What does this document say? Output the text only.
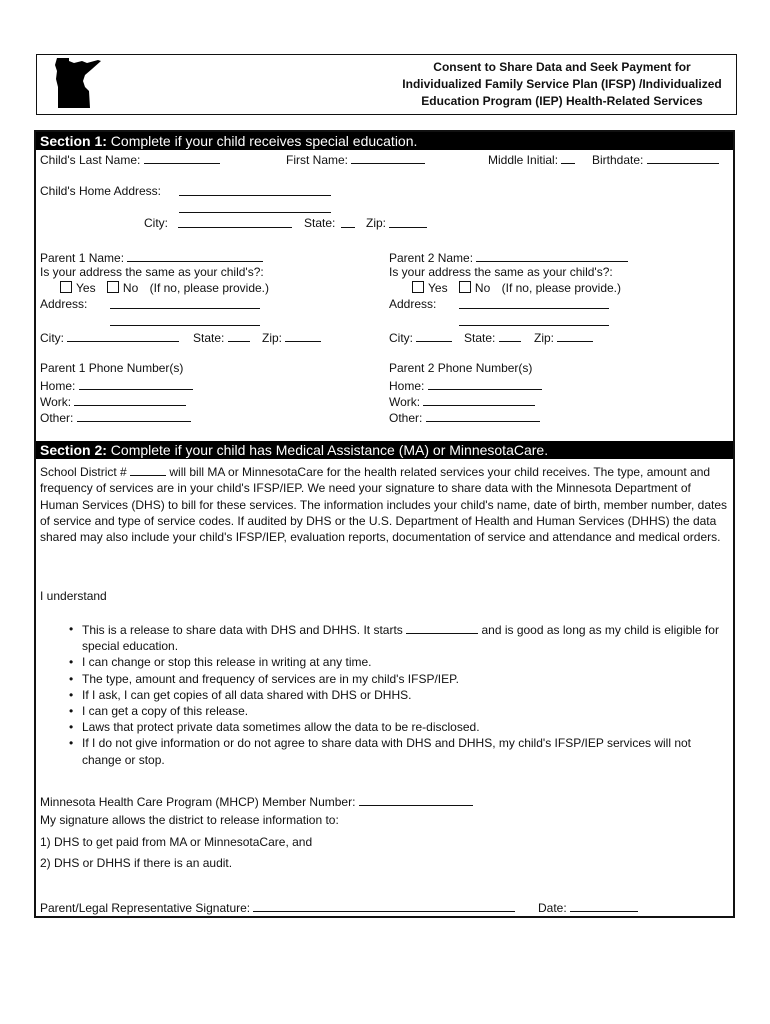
Consent to Share Data and Seek Payment for
Individualized Family Service Plan (IFSP) /Individualized
Education Program (IEP) Health-Related Services
Section 1: Complete if your child receives special education.
Child's Last Name:	First Name:	Middle Initial:	Birthdate:
Child's Home Address:
City:	State:	Zip:
Parent 1 Name:
Is your address the same as your child's?:
Yes No (If no, please provide.)
Address:
City:	State:	Zip:
Parent 1 Phone Number(s)
Home:
Work:
Other:
Parent 2 Name:
Is your address the same as your child's?:
Yes No (If no, please provide.)
Address:
City:	State:	Zip:
Parent 2 Phone Number(s)
Home:
Work:
Other:
Section 2: Complete if your child has Medical Assistance (MA) or MinnesotaCare.
School District #	will bill MA or MinnesotaCare for the health related services your child receives. The type, amount and frequency of services are in your child's IFSP/IEP. We need your signature to share data with the Minnesota Department of Human Services (DHS) to bill for these services. The information includes your child's name, date of birth, member number, dates of service and type of service codes. If audited by DHS or the U.S. Department of Health and Human Services (DHHS) the data shared may also include your child's IFSP/IEP, evaluation reports, documentation of service and attendance and medical orders.
I understand
• This is a release to share data with DHS and DHHS. It starts	and is good as long as my child is eligible for special education.
• I can change or stop this release in writing at any time.
• The type, amount and frequency of services are in my child's IFSP/IEP.
• If I ask, I can get copies of all data shared with DHS or DHHS.
• I can get a copy of this release.
• Laws that protect private data sometimes allow the data to be re-disclosed.
• If I do not give information or do not agree to share data with DHS and DHHS, my child's IFSP/IEP services will not change or stop.
Minnesota Health Care Program (MHCP) Member Number:
My signature allows the district to release information to:
1) DHS to get paid from MA or MinnesotaCare, and
2) DHS or DHHS if there is an audit.
Parent/Legal Representative Signature:	Date:
